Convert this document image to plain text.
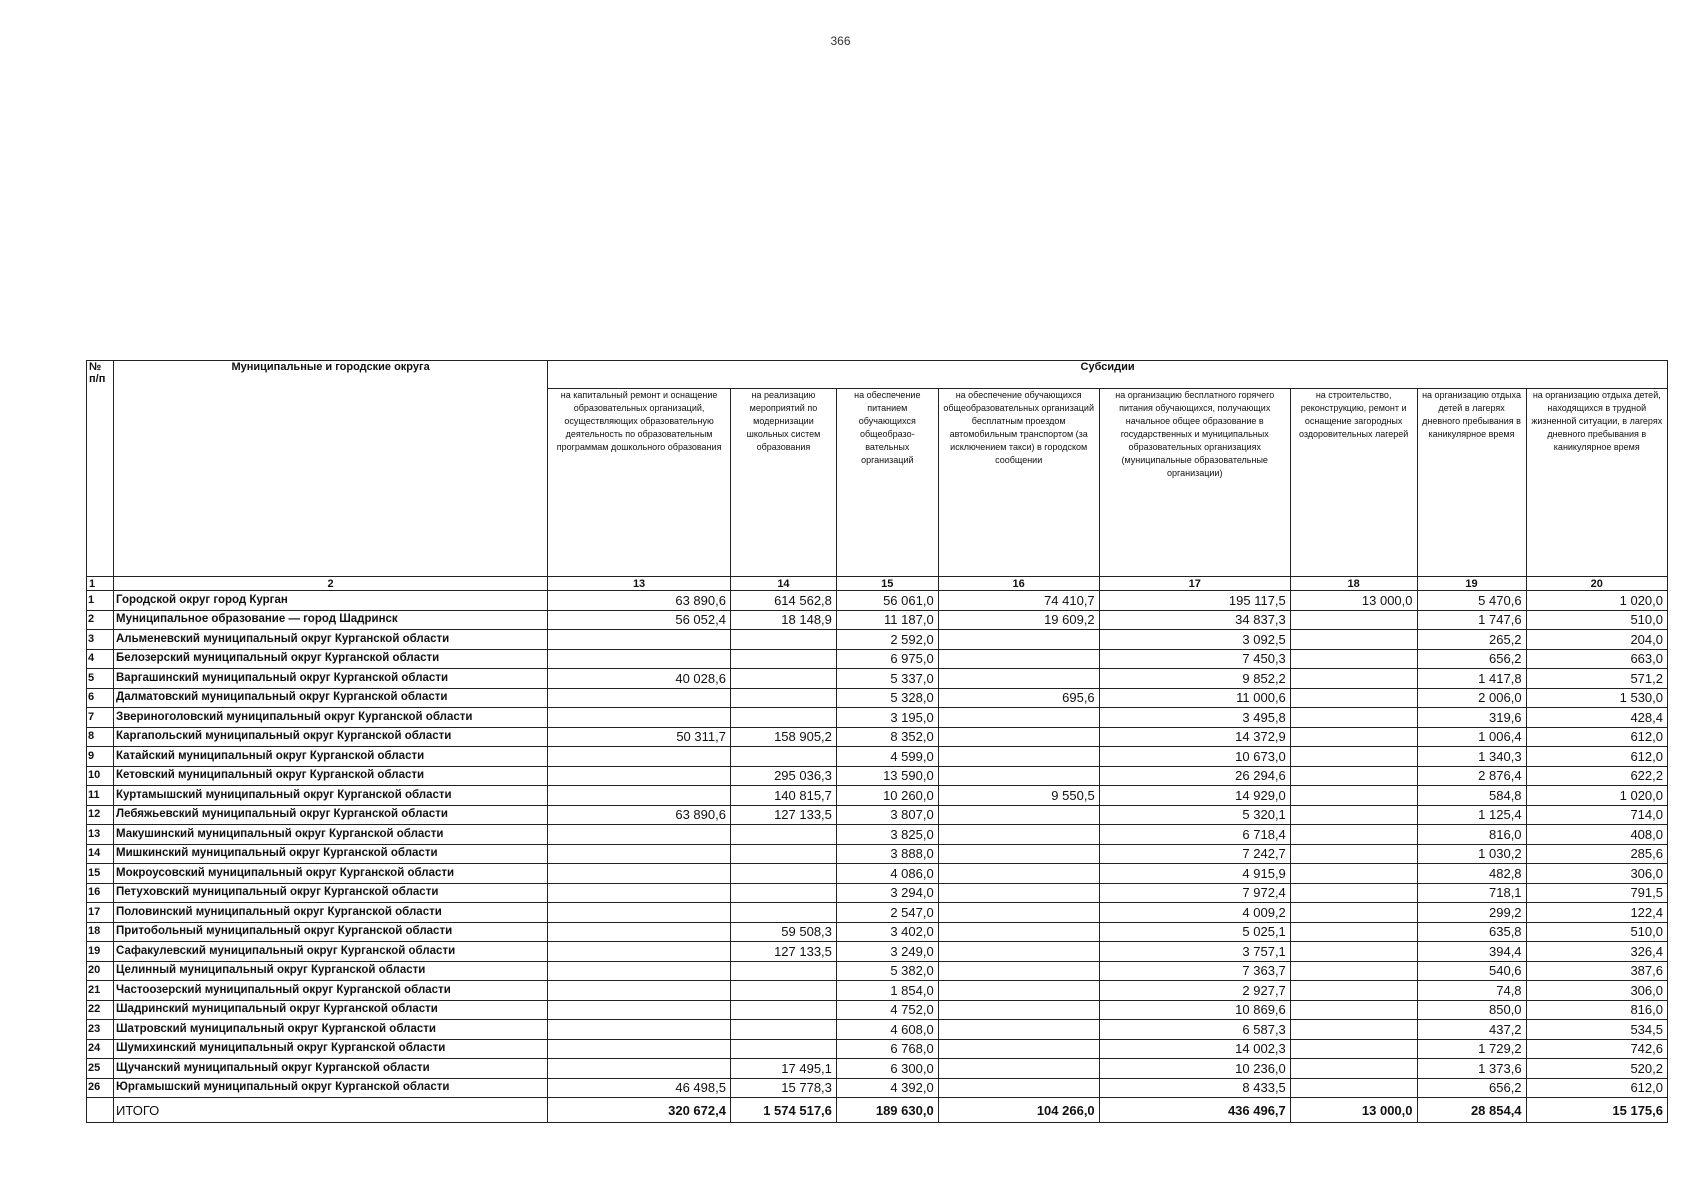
366
№ п/п	Муниципальные и городские округа	Субсидии							
		на капитальный ремонт и оснащение образовательных организаций, осуществляющих образовательную деятельность по образовательным программам дошкольного образования	на реализацию мероприятий по модернизации школьных систем образования	на обеспечение питанием обучающихся общеобразо-вательных организаций	на обеспечение обучающихся общеобразовательных организаций бесплатным проездом автомобильным транспортом (за исключением такси) в городском сообщении	на организацию бесплатного горячего питания обучающихся, получающих начальное общее образование в государственных и муниципальных образовательных организациях (муниципальные образовательные организации)	на строительство, реконструкцию, ремонт и оснащение загородных оздоровительных лагерей	на организацию отдыха детей в лагерях дневного пребывания в каникулярное время	на организацию отдыха детей, находящихся в трудной жизненной ситуации, в лагерях дневного пребывания в каникулярное время
1	2	13	14	15	16	17	18	19	20
1	Городской округ город Курган	63 890,6	614 562,8	56 061,0	74 410,7	195 117,5	13 000,0	5 470,6	1 020,0
2	Муниципальное образование — город Шадринск	56 052,4	18 148,9	11 187,0	19 609,2	34 837,3		1 747,6	510,0
3	Альменевский муниципальный округ Курганской области			2 592,0		3 092,5		265,2	204,0
4	Белозерский муниципальный округ Курганской области			6 975,0		7 450,3		656,2	663,0
5	Варгашинский муниципальный округ Курганской области	40 028,6		5 337,0		9 852,2		1 417,8	571,2
6	Далматовский муниципальный округ Курганской области			5 328,0	695,6	11 000,6		2 006,0	1 530,0
7	Звериноголовский муниципальный округ Курганской области			3 195,0		3 495,8		319,6	428,4
8	Каргапольский муниципальный округ Курганской области	50 311,7	158 905,2	8 352,0		14 372,9		1 006,4	612,0
9	Катайский муниципальный округ Курганской области			4 599,0		10 673,0		1 340,3	612,0
10	Кетовский муниципальный округ Курганской области		295 036,3	13 590,0		26 294,6		2 876,4	622,2
11	Куртамышский муниципальный округ Курганской области		140 815,7	10 260,0	9 550,5	14 929,0		584,8	1 020,0
12	Лебяжьевский муниципальный округ Курганской области	63 890,6	127 133,5	3 807,0		5 320,1		1 125,4	714,0
13	Макушинский муниципальный округ Курганской области			3 825,0		6 718,4		816,0	408,0
14	Мишкинский муниципальный округ Курганской области			3 888,0		7 242,7		1 030,2	285,6
15	Мокроусовский муниципальный округ Курганской области			4 086,0		4 915,9		482,8	306,0
16	Петуховский муниципальный округ Курганской области			3 294,0		7 972,4		718,1	791,5
17	Половинский муниципальный округ Курганской области			2 547,0		4 009,2		299,2	122,4
18	Притобольный муниципальный округ Курганской области		59 508,3	3 402,0		5 025,1		635,8	510,0
19	Сафакулевский муниципальный округ Курганской области		127 133,5	3 249,0		3 757,1		394,4	326,4
20	Целинный муниципальный округ Курганской области			5 382,0		7 363,7		540,6	387,6
21	Частоозерский муниципальный округ Курганской области			1 854,0		2 927,7		74,8	306,0
22	Шадринский муниципальный округ Курганской области			4 752,0		10 869,6		850,0	816,0
23	Шатровский муниципальный округ Курганской области			4 608,0		6 587,3		437,2	534,5
24	Шумихинский муниципальный округ Курганской области			6 768,0		14 002,3		1 729,2	742,6
25	Щучанский муниципальный округ Курганской области		17 495,1	6 300,0		10 236,0		1 373,6	520,2
26	Юргамышский муниципальный округ Курганской области	46 498,5	15 778,3	4 392,0		8 433,5		656,2	612,0
	ИТОГО	320 672,4	1 574 517,6	189 630,0	104 266,0	436 496,7	13 000,0	28 854,4	15 175,6
